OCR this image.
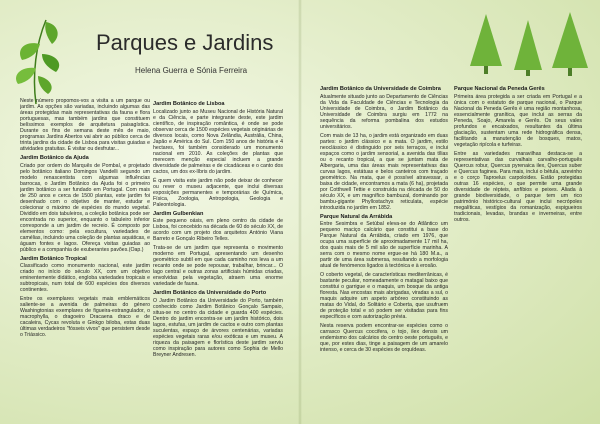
Parques e Jardins
Helena Guerra e Sónia Ferreira

Neste número propomos-vos a visita a um parque ou jardim. As opções são variadas, incluindo algumas das áreas protegidas mais representativas da fauna e flora portuguesas, mas também jardins que constituem belíssimos exemplos de arquitetura paisagística. Durante os fins de semana deste mês de maio, programas Jardins Abertos vai abrir ao público cerca de trinta jardins da cidade de Lisboa para visitas guiadas e atividades gratuitas. É visitar ou desfrutar...

Jardim Botânico da Ajuda

Criado por ordem do Marquês de Pombal, e projetado pelo botânico italiano Domingos Vandelli segundo um modelo renascentista com algumas influências barrocas, o Jardim Botânico da Ajuda foi o primeiro jardim botânico a ser fundado em Portugal. Com mais de 250 anos e cerca de 1500 plantas, este jardim foi desenhado com o objetivo de manter, estudar e colecionar o máximo de espécies do mundo vegetal. Dividido em dois tabuleiros, a coleção botânica pode ser encontrada no superior, enquanto o tabuleiro inferior corresponde a um jardim de recreio. É composto por elementos como: pela escultura, variedades de camélias, incluindo uma coleção de plantas aquáticas, e águam fontes e lagos. Ofereça visitas guiadas ao público e a companhia de exuberantes pavões.(Oap.)

Jardim Botânico Tropical

Classificado como monumento nacional, este jardim criado no início do século XX, com um objetivo eminentemente didático, engloba variedades tropicais e subtropicais, num total de 600 espécies dos diversos continentes.

Entre os exemplares vegetais mais emblemáticos saliente-se a avenida de palmeiras do género Washingtonias exemplares de figueira-estrangulador, o macrophylla, o dragoeiro Dracaena draco e de cacaleira, Cycas revoluta e Ginkgo biloba, estas duas últimas verdadeiros "fósseis vivos" que persistem desde o Triássico.

Jardim Botânico de Lisboa

Localizado junto ao Museu Nacional de História Natural e da Ciência, e parte integrante deste, este jardim científico, de inspiração romântica, é onde se pode observar cerca de 1500 espécies vegetais originárias de diversos locais, como Nova Zelândia, Austrália, China, Japão e América do Sul. Com 150 anos de história e 4 hectares, foi também considerado um monumento nacional em 2010. As coleções de plantas que merecem menção especial incluem a grande diversidade de palmeiras e de cicadáceas e o canto dos cactos, um dos ex-líbris do jardim.

É quem visita este jardim não pode deixar de conhecer ou rever o museu adjacente, que inclui diversas exposições permanentes e temporárias de Química, Física, Zoologia, Antropologia, Geologia e Paleontologia.

Jardim Gulbenkian

Este pequeno oásis, em pleno centro da cidade de Lisboa, foi concebido na década de 60 do século XX, de acordo com um projeto dos arquitetos António Viana Barreto e Gonçalo Ribeiro Telles.

Trata-se de um jardim que representa o movimento moderno em Portugal, apresentando um desenho geométrico subtil em que cada caminho nos leva a um recanto onde se pode repousar, trabalhar, brincar... O lago central e outras zonas artificiais húmidas criadas, envolvidas pela vegetação, atraem uma enorme variedade de fauna.

Jardim Botânico da Universidade do Porto

O Jardim Botânico da Universidade do Porto, também conhecido como Jardim Botânico Gonçalo Sampaio, situa-se no centro da cidade e guarda 400 espécies. Dentro do jardim encontra-se um jardim histórico, dois lagos, estufas, um jardim de cactos e outro com plantas suculentas, espaço de árvores centenárias, variadas espécies vegetais raras e/ou exóticas e um museu. A riqueza da paisagem e florística deste jardim serviu como inspiração para autores como Sophia de Mello Breyner Andresen.

Jardim Botânico da Universidade de Coimbra

Atualmente situado junto ao Departamento de Ciências da Vida da Faculdade de Ciências e Tecnologia da Universidade de Coimbra, o Jardim Botânico da Universidade de Coimbra surgiu em 1772 na sequência da reforma pombalina dos estudos universitários.

Com mais de 13 ha, o jardim está organizado em duas partes: o jardim clássico e a mata. O jardim, estilo neoclássico é distinguido por seis terraços, e inclui espaços como o jardim sensorial, a avenida das tílias ou o recanto tropical, a que se juntam mata de Albergaria, uma das áreas mais representativas das curvas lagos, estátuas e belos canteiros com traçado geométrico. Na mata, que é possível atravessar, a baixa de cidade, encontramos a mata (6 ha), projetada por Cotthwell Tettie e construída na década de 50 do século XX, e um magnífico bambuzal, dominando por bambu-gigante Phyllostachys reticulata, espécie introduzida no jardim em 1852.

Parque Natural da Arrábida

Entre Sesimbra e Setúbal eleva-se do Atlântico um pequeno maciço calcário que constitui a base do Parque Natural da Arrábida, criado em 1976, que ocupa uma superfície de aproximadamente 17 mil ha, dos quais mais de 5 mil são de superfície marinha. A serra com o mesmo nome ergue-se há 180 M.a., a partir de uma área submersa, resultando a morfologia atual de fenómenos ligados à tectónica e à erosão.

O coberto vegetal, de características mediterrânicas, é bastante peculiar, nomeadamente o matagal baixo que constitui o garrigue e o maquis, um bosque da antiga floresta. Nas encostas mais abrigadas, viradas a sul, o maquis adquire um aspeto arbóreo constituindo as matas do Vidal, do Solitário e Coberta, que usufruem de proteção total e só podem ser visitadas para fins específicos e com autorização prévia.

Nesta reserva podem encontrar-se espécies como o carrasco Quercus coccifera, o tojo, ilex densis um endemismo dos calcários do centro oeste português, e que, por estes dias, tinge a paisagem de um amarelo intenso, e cerca de 30 espécies de orquídeas.

Parque Nacional da Peneda Gerês

Primeira área protegida a ser criada em Portugal e a única com o estatuto de parque nacional, o Parque Nacional da Peneda Gerês é uma região montanhosa, essencialmente granítica, que inclui as serras da Peneda, Soajo, Amarela e Gerês. Os seus vales profundos e encaixados, resultantes da última glaciação, sustentam uma rede hidrográfica densa, facilitando a manutenção de bosques, matos, vegetação ripícola e turfeiras.

Entre as variedades maravilhas destaca-se a representativas das curvalhais carvalho-português Quercus robur, Quercus pyrenaica ilex, Quercus suber e Quercus faginea. Para mais, inclui o bétula, azevinho e o corço Taproelus carpoloides. Estão protegidas outras 16 espécies, o que permite uma grande diversidade de répteis, anfíbios e peixes. Aliada à grande biodiversidade, o parque tem um rico património histórico-cultural que inclui necrópoles megalíticas, vestígios da romanização, espigueiros tradicionais, levadas, brandas e inverneiras, entre outros.
